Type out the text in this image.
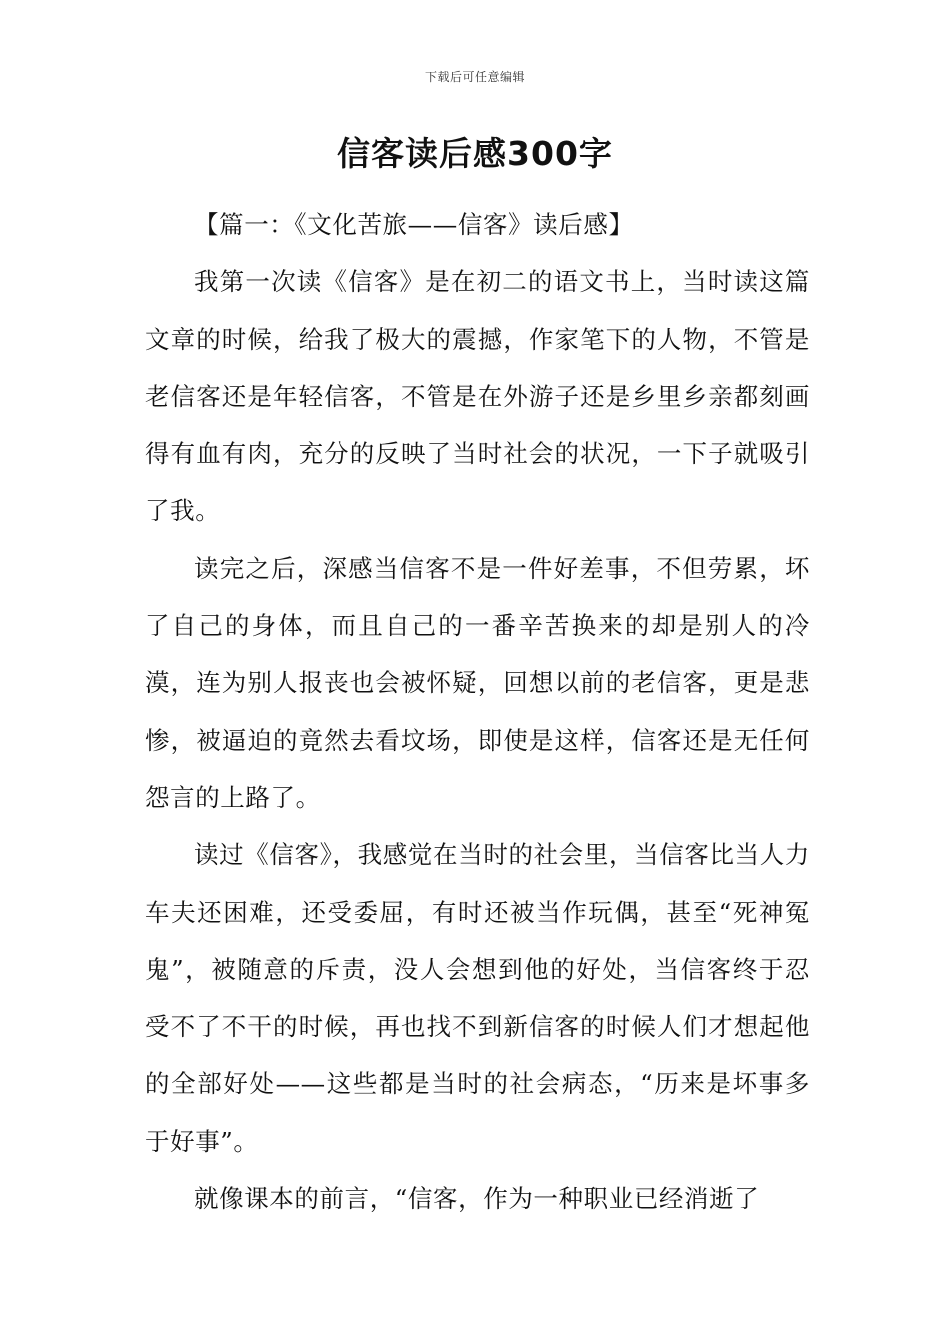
下载后可任意编辑
信客读后感300字

【篇一：《文化苦旅——信客》读后感】

我第一次读《信客》是在初二的语文书上，当时读这篇文章的时候，给我了极大的震撼，作家笔下的人物，不管是老信客还是年轻信客，不管是在外游子还是乡里乡亲都刻画得有血有肉，充分的反映了当时社会的状况，一下子就吸引了我。

读完之后，深感当信客不是一件好差事，不但劳累，坏了自己的身体，而且自己的一番辛苦换来的却是别人的冷漠，连为别人报丧也会被怀疑，回想以前的老信客，更是悲惨，被逼迫的竟然去看坟场，即使是这样，信客还是无任何怨言的上路了。

读过《信客》，我感觉在当时的社会里，当信客比当人力车夫还困难，还受委屈，有时还被当作玩偶，甚至“死神冤鬼”，被随意的斥责，没人会想到他的好处，当信客终于忍受不了不干的时候，再也找不到新信客的时候人们才想起他的全部好处——这些都是当时的社会病态，“历来是坏事多于好事”。

就像课本的前言，“信客，作为一种职业已经消逝了
